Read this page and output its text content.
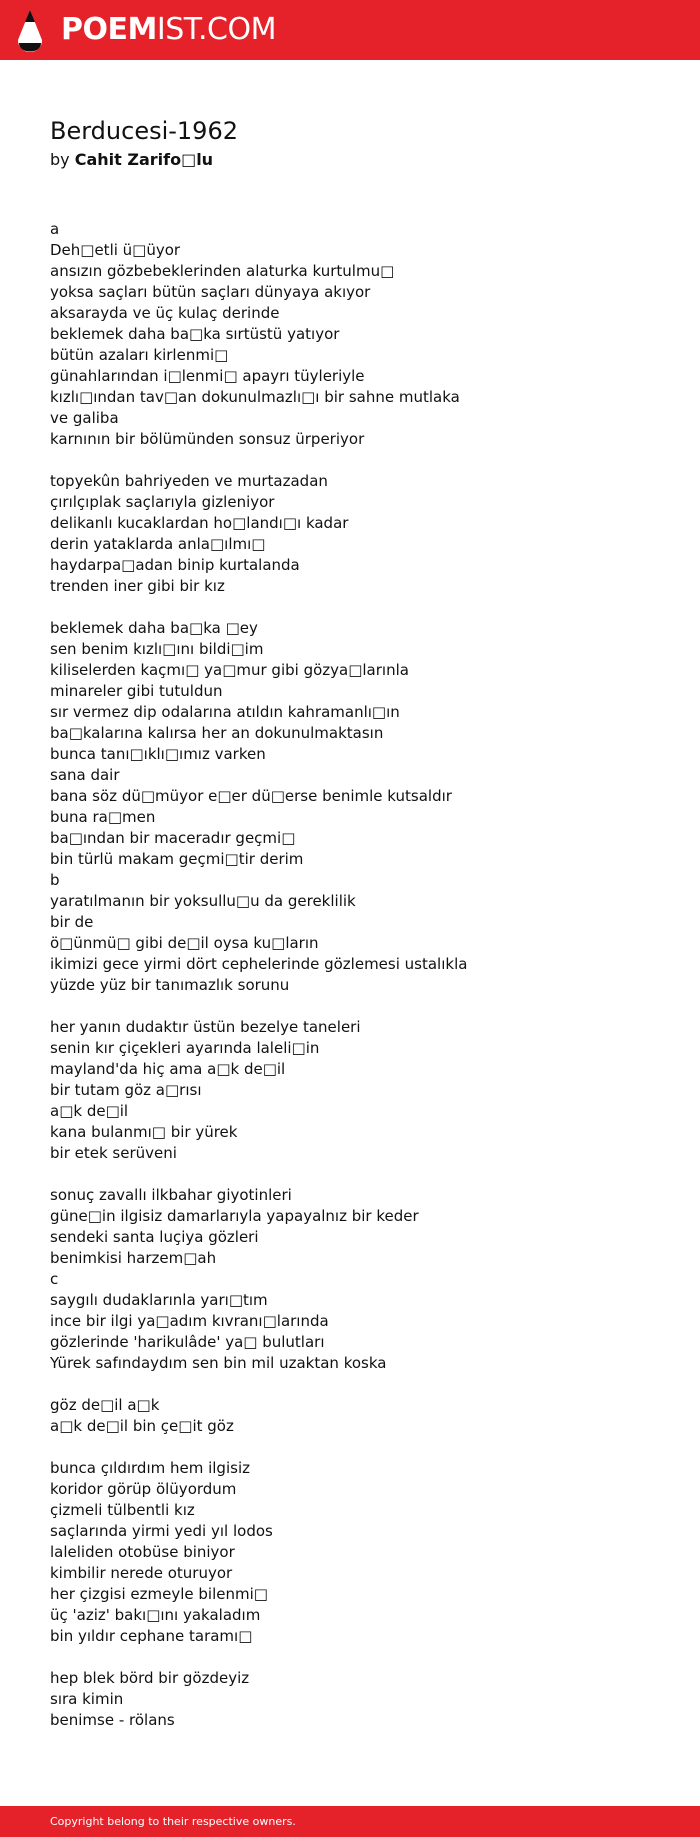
POEMIST.COM
Berducesi-1962
by Cahit Zarifo□lu
a
Deh□etli ü□üyor
ansızın gözbebeklerinden alaturka kurtulmu□
yoksa saçları bütün saçları dünyaya akıyor
aksarayda ve üç kulaç derinde
beklemek daha ba□ka sırtüstü yatıyor
bütün azaları kirlenmi□
günahlarından i□lenmi□ apayrı tüyleriyle
kızlı□ından tav□an dokunulmazlı□ı bir sahne mutlaka
ve galiba
karnının bir bölümünden sonsuz ürperiyor
topyekûn bahriyeden ve murtazadan
çırılçıplak saçlarıyla gizleniyor
delikanlı kucaklardan ho□landı□ı kadar
derin yataklarda anla□ılmı□
haydarpa□adan binip kurtalanda
trenden iner gibi bir kız
beklemek daha ba□ka □ey
sen benim kızlı□ını bildi□im
kiliselerden kaçmı□ ya□mur gibi gözya□larınla
minareler gibi tutuldun
sır vermez dip odalarına atıldın kahramanlı□ın
ba□kalarına kalırsa her an dokunulmaktasın
bunca tanı□ıklı□ımız varken
sana dair
bana söz dü□müyor e□er dü□erse benimle kutsaldır
buna ra□men
ba□ından bir maceradır geçmi□
bin türlü makam geçmi□tir derim
b
yaratılmanın bir yoksullu□u da gereklilik
bir de
ö□ünmü□ gibi de□il oysa ku□ların
ikimizi gece yirmi dört cephelerinde gözlemesi ustalıkla
yüzde yüz bir tanımazlık sorunu
her yanın dudaktır üstün bezelye taneleri
senin kır çiçekleri ayarında laleli□in
mayland'da hiç ama a□k de□il
bir tutam göz a□rısı
a□k de□il
kana bulanmı□ bir yürek
bir etek serüveni
sonuç zavallı ilkbahar giyotinleri
güne□in ilgisiz damarlarıyla yapayalnız bir keder
sendeki santa luçiya gözleri
benimkisi harzem□ah
c
saygılı dudaklarınla yarı□tım
ince bir ilgi ya□adım kıvranı□larında
gözlerinde 'harikulâde' ya□ bulutları
Yürek safındaydım sen bin mil uzaktan koska
göz de□il a□k
a□k de□il bin çe□it göz
bunca çıldırdım hem ilgisiz
koridor görüp ölüyordum
çizmeli tülbentli kız
saçlarında yirmi yedi yıl lodos
laleliden otobüse biniyor
kimbilir nerede oturuyor
her çizgisi ezmeyle bilenmi□
üç 'aziz' bakı□ını yakaladım
bin yıldır cephane taramı□
hep blek börd bir gözdeyiz
sıra kimin
benimse - rölans
Copyright belong to their respective owners.
